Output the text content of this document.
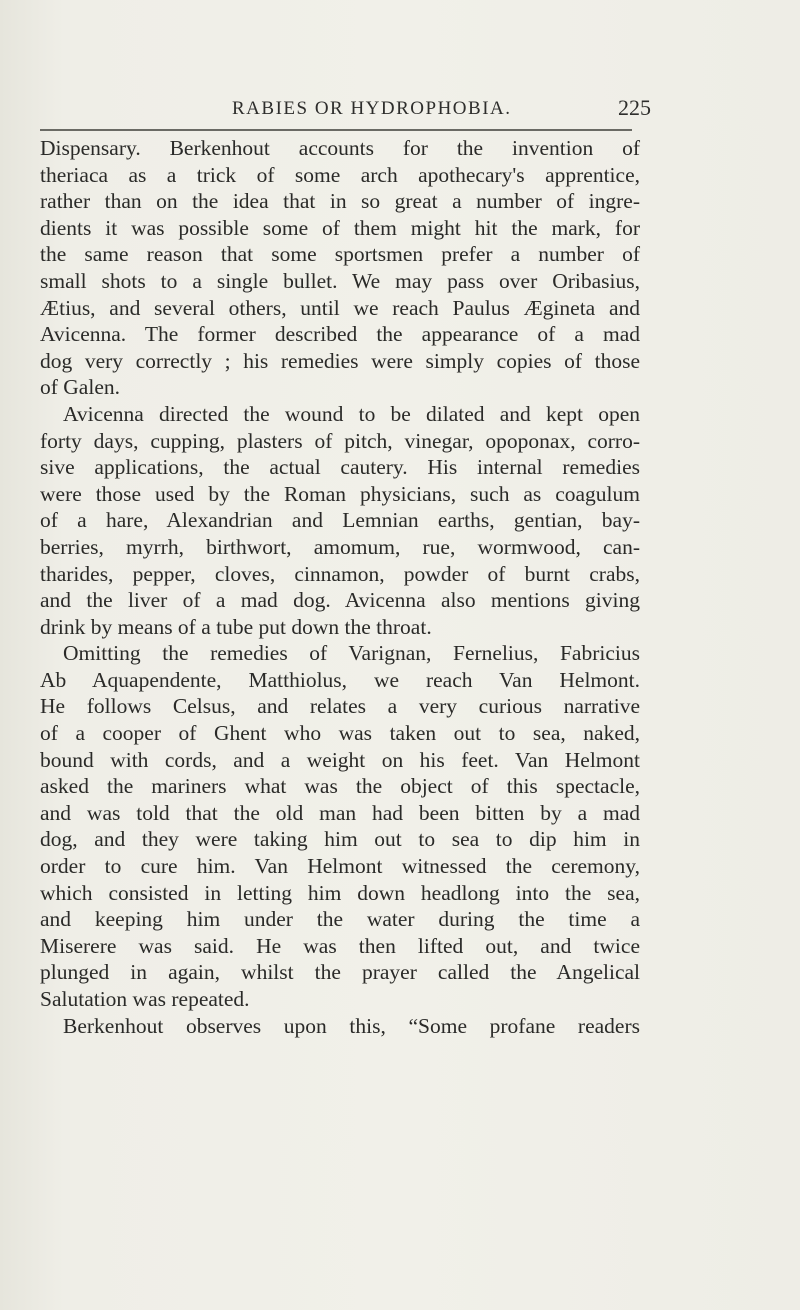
RABIES OR HYDROPHOBIA.	225
Dispensary. Berkenhout accounts for the invention of
theriaca as a trick of some arch apothecary's apprentice,
rather than on the idea that in so great a number of ingre-
dients it was possible some of them might hit the mark, for
the same reason that some sportsmen prefer a number of
small shots to a single bullet. We may pass over Oribasius,
Ætius, and several others, until we reach Paulus Ægineta and
Avicenna. The former described the appearance of a mad
dog very correctly ; his remedies were simply copies of those
of Galen.
Avicenna directed the wound to be dilated and kept open
forty days, cupping, plasters of pitch, vinegar, opoponax, corro-
sive applications, the actual cautery. His internal remedies
were those used by the Roman physicians, such as coagulum
of a hare, Alexandrian and Lemnian earths, gentian, bay-
berries, myrrh, birthwort, amomum, rue, wormwood, can-
tharides, pepper, cloves, cinnamon, powder of burnt crabs,
and the liver of a mad dog. Avicenna also mentions giving
drink by means of a tube put down the throat.
Omitting the remedies of Varignan, Fernelius, Fabricius
Ab Aquapendente, Matthiolus, we reach Van Helmont.
He follows Celsus, and relates a very curious narrative
of a cooper of Ghent who was taken out to sea, naked,
bound with cords, and a weight on his feet. Van Helmont
asked the mariners what was the object of this spectacle,
and was told that the old man had been bitten by a mad
dog, and they were taking him out to sea to dip him in
order to cure him. Van Helmont witnessed the ceremony,
which consisted in letting him down headlong into the sea,
and keeping him under the water during the time a
Miserere was said. He was then lifted out, and twice
plunged in again, whilst the prayer called the Angelical
Salutation was repeated.
Berkenhout observes upon this, “Some profane readers
